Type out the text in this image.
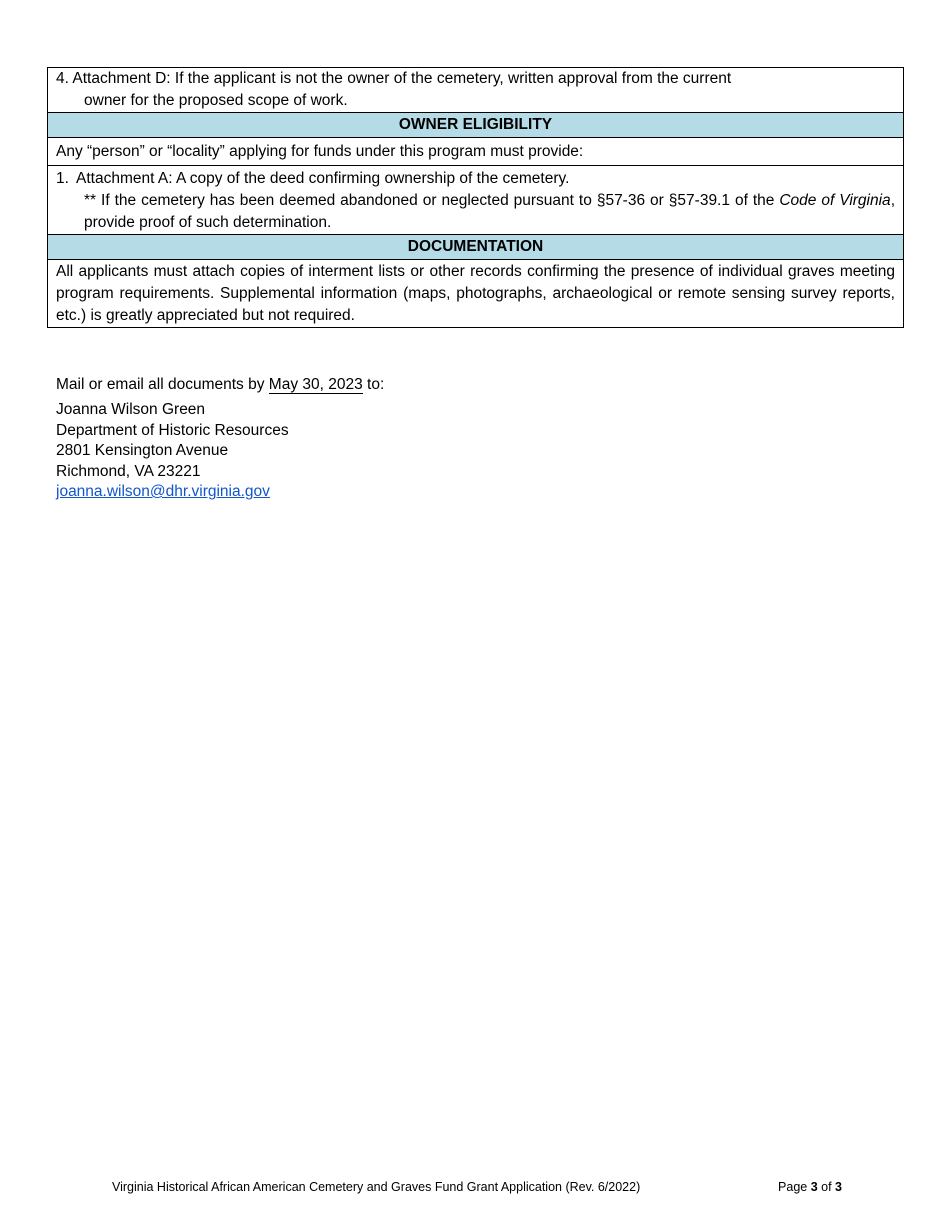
4. Attachment D: If the applicant is not the owner of the cemetery, written approval from the current
owner for the proposed scope of work.

OWNER ELIGIBILITY
Any “person” or “locality” applying for funds under this program must provide:

1. Attachment A: A copy of the deed confirming ownership of the cemetery.
** If the cemetery has been deemed abandoned or neglected pursuant to §57-36 or §57-39.1 of the Code of Virginia, provide proof of such determination.

DOCUMENTATION
All applicants must attach copies of interment lists or other records confirming the presence of individual graves meeting program requirements. Supplemental information (maps, photographs, archaeological or remote sensing survey reports, etc.) is greatly appreciated but not required.
Mail or email all documents by May 30, 2023 to:
Joanna Wilson Green
Department of Historic Resources
2801 Kensington Avenue
Richmond, VA 23221
joanna.wilson@dhr.virginia.gov
Virginia Historical African American Cemetery and Graves Fund Grant Application (Rev. 6/2022)	Page 3 of 3
